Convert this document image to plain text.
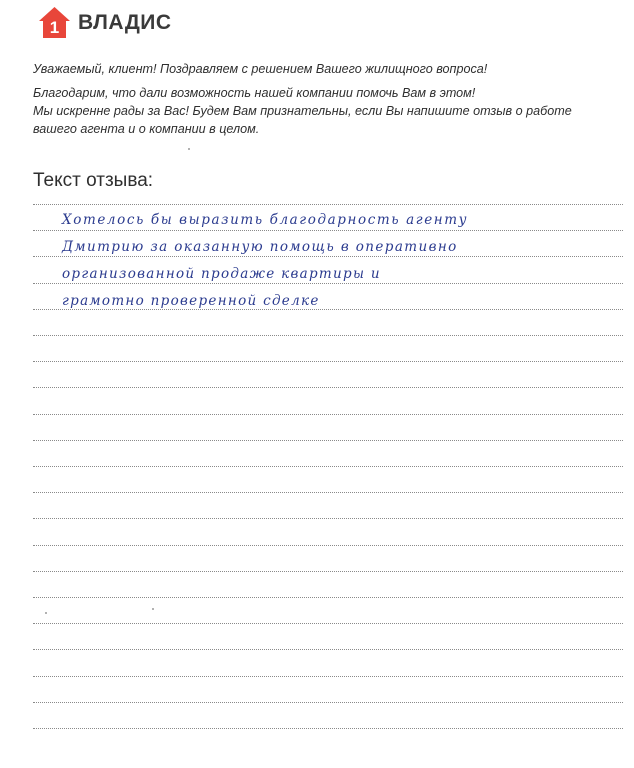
1 ВЛАДИС

Уважаемый, клиент! Поздравляем с решением Вашего жилищного вопроса!

Благодарим, что дали возможность нашей компании помочь Вам в этом!

Мы искренне рады за Вас! Будем Вам признательны, если Вы напишите отзыв о работе

вашего агента и о компании в целом.

Текст отзыва:
Хотелось бы выразить благодарность агенту
Дмитрию за оказанную помощь в оперативно
организованной продаже квартиры и
грамотно проверенной сделке
